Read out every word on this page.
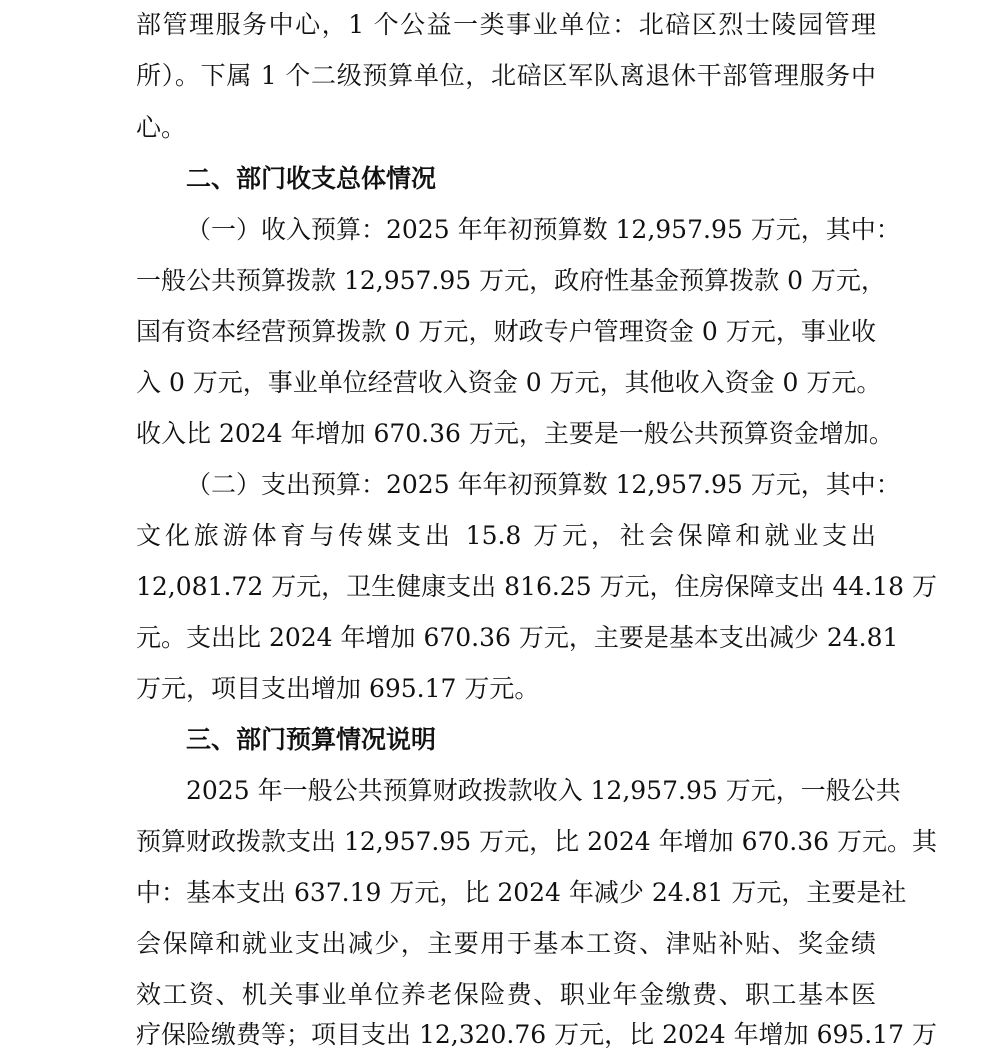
部管理服务中心，1 个公益一类事业单位：北碚区烈士陵园管理
所）。下属 1 个二级预算单位，北碚区军队离退休干部管理服务中
心。
二、部门收支总体情况
（一）收入预算：2025 年年初预算数 12,957.95 万元，其中：
一般公共预算拨款 12,957.95 万元，政府性基金预算拨款 0 万元，
国有资本经营预算拨款 0 万元，财政专户管理资金 0 万元，事业收
入 0 万元，事业单位经营收入资金 0 万元，其他收入资金 0 万元。
收入比 2024 年增加 670.36 万元，主要是一般公共预算资金增加。
（二）支出预算：2025 年年初预算数 12,957.95 万元，其中：
文化旅游体育与传媒支出 15.8 万元，社会保障和就业支出
12,081.72 万元，卫生健康支出 816.25 万元，住房保障支出 44.18 万
元。支出比 2024 年增加 670.36 万元，主要是基本支出减少 24.81
万元，项目支出增加 695.17 万元。
三、部门预算情况说明
2025 年一般公共预算财政拨款收入 12,957.95 万元，一般公共
预算财政拨款支出 12,957.95 万元，比 2024 年增加 670.36 万元。其
中：基本支出 637.19 万元，比 2024 年减少 24.81 万元，主要是社
会保障和就业支出减少，主要用于基本工资、津贴补贴、奖金绩
效工资、机关事业单位养老保险费、职业年金缴费、职工基本医
疗保险缴费等；项目支出 12,320.76 万元，比 2024 年增加 695.17 万
